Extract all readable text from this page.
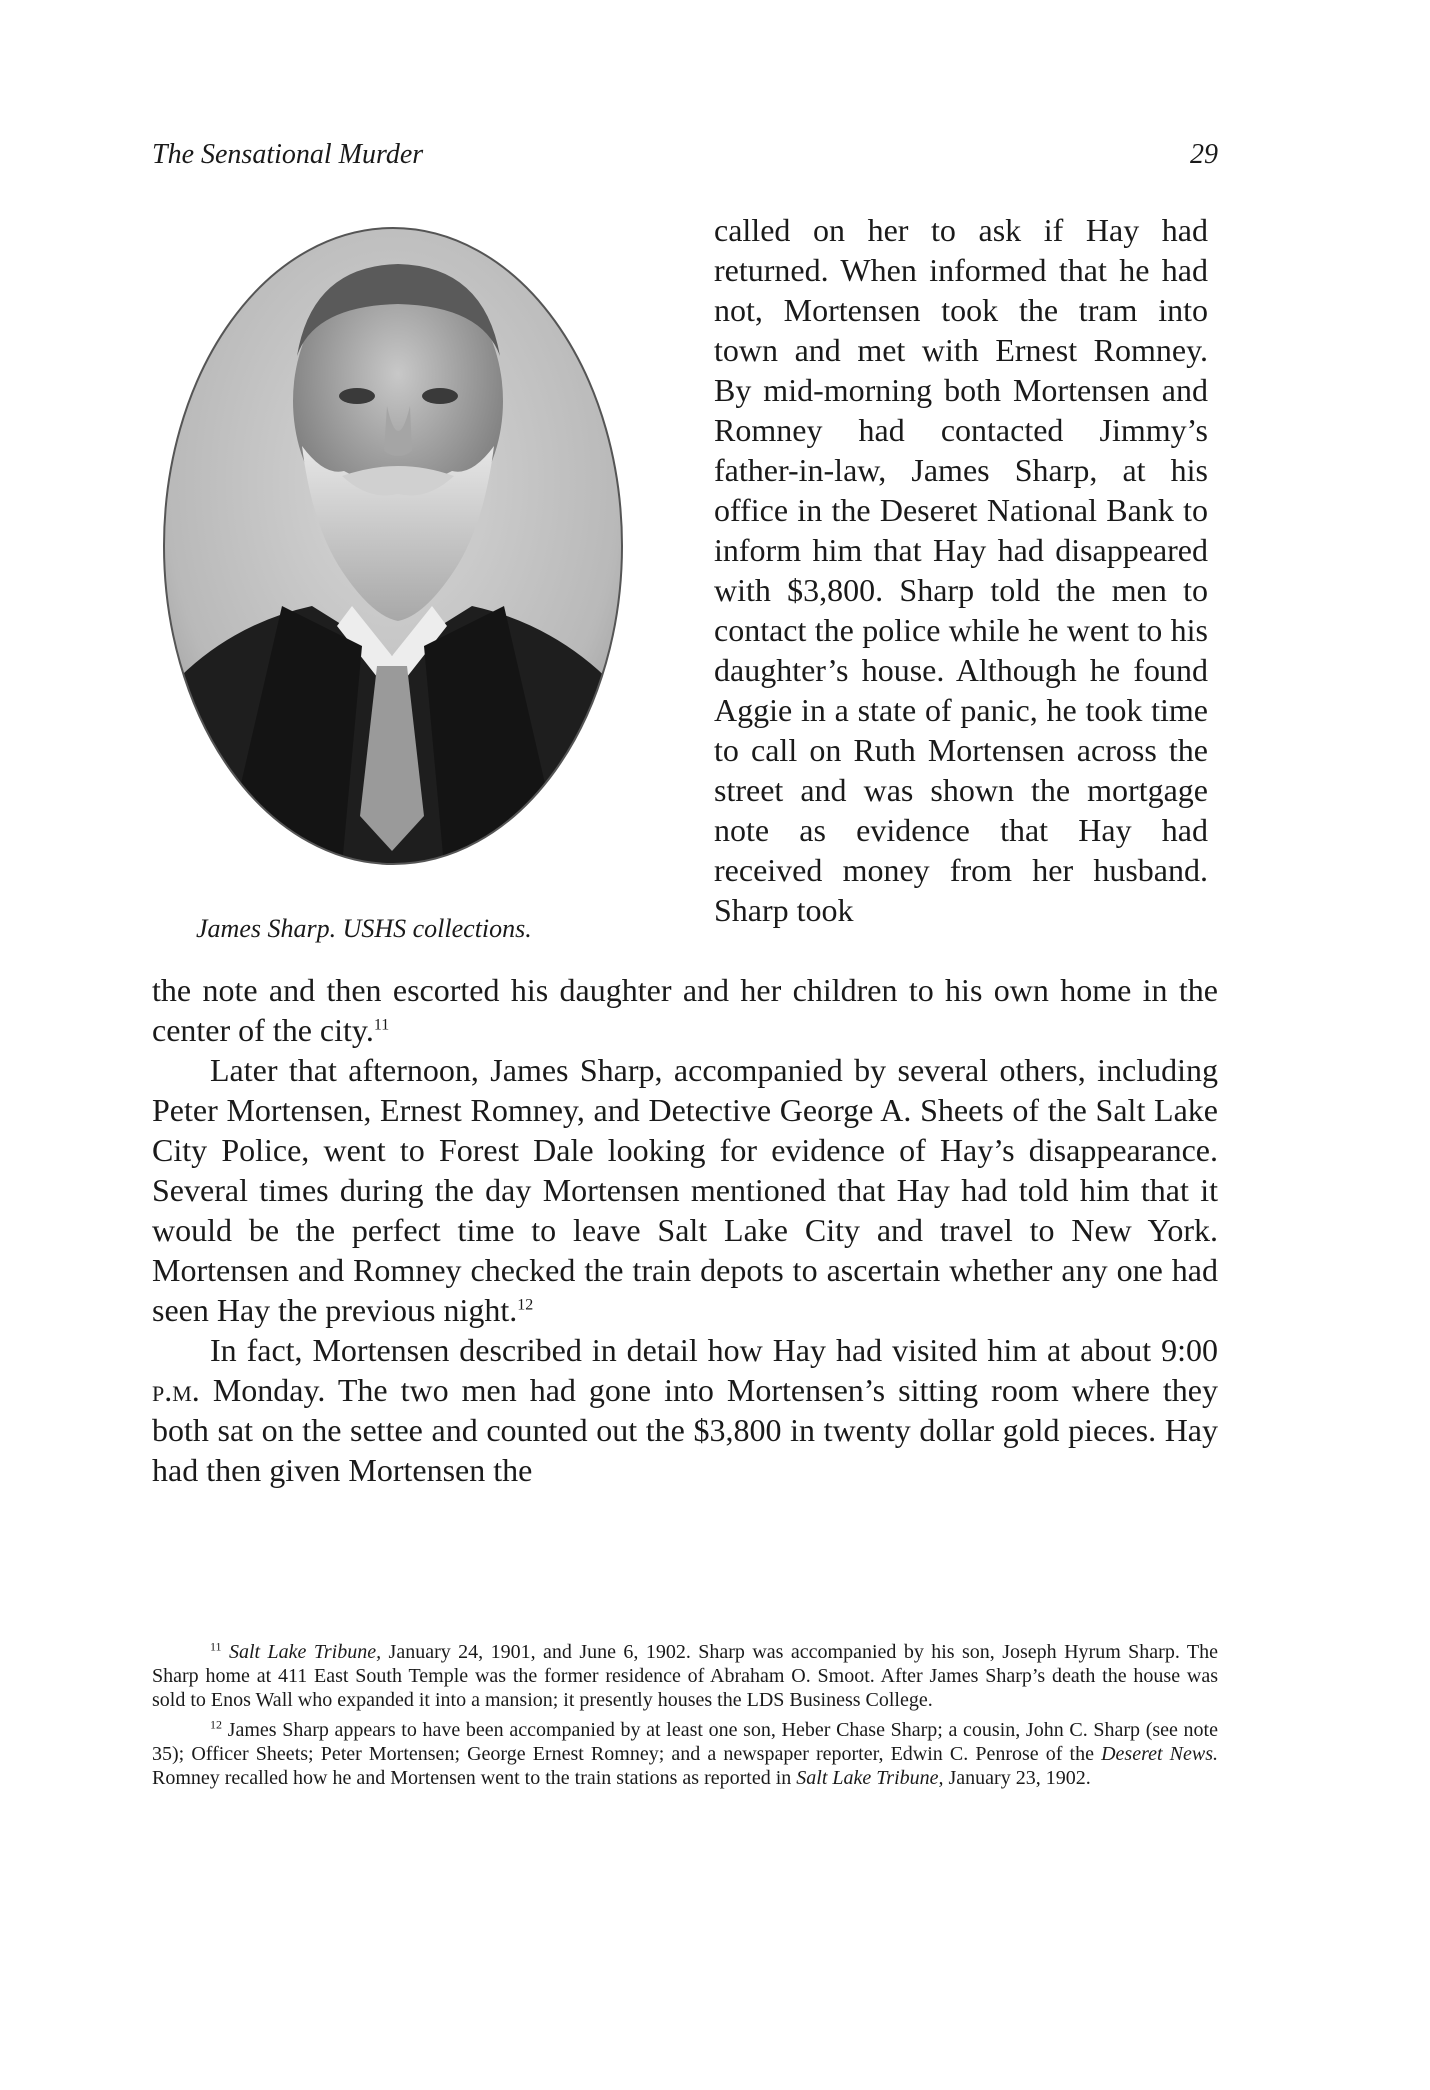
The Sensational Murder	29
James Sharp. USHS collections.

called on her to ask if Hay had returned. When informed that he had not, Mortensen took the tram into town and met with Ernest Romney. By mid-morning both Mortensen and Romney had contacted Jimmy’s father-in-law, James Sharp, at his office in the Deseret National Bank to inform him that Hay had disappeared with $3,800. Sharp told the men to contact the police while he went to his daughter’s house. Although he found Aggie in a state of panic, he took time to call on Ruth Mortensen across the street and was shown the mortgage note as evidence that Hay had received money from her husband. Sharp took

the note and then escorted his daughter and her children to his own home in the center of the city.$^{11}$

Later that afternoon, James Sharp, accompanied by several others, including Peter Mortensen, Ernest Romney, and Detective George A. Sheets of the Salt Lake City Police, went to Forest Dale looking for evidence of Hay’s disappearance. Several times during the day Mortensen mentioned that Hay had told him that it would be the perfect time to leave Salt Lake City and travel to New York. Mortensen and Romney checked the train depots to ascertain whether any one had seen Hay the previous night.$^{12}$

In fact, Mortensen described in detail how Hay had visited him at about 9:00 p.m. Monday. The two men had gone into Mortensen’s sitting room where they both sat on the settee and counted out the $3,800 in twenty dollar gold pieces. Hay had then given Mortensen the

$^{11}$ Salt Lake Tribune, January 24, 1901, and June 6, 1902. Sharp was accompanied by his son, Joseph Hyrum Sharp. The Sharp home at 411 East South Temple was the former residence of Abraham O. Smoot. After James Sharp’s death the house was sold to Enos Wall who expanded it into a mansion; it presently houses the LDS Business College.

$^{12}$ James Sharp appears to have been accompanied by at least one son, Heber Chase Sharp; a cousin, John C. Sharp (see note 35); Officer Sheets; Peter Mortensen; George Ernest Romney; and a newspaper reporter, Edwin C. Penrose of the Deseret News. Romney recalled how he and Mortensen went to the train stations as reported in Salt Lake Tribune, January 23, 1902.
